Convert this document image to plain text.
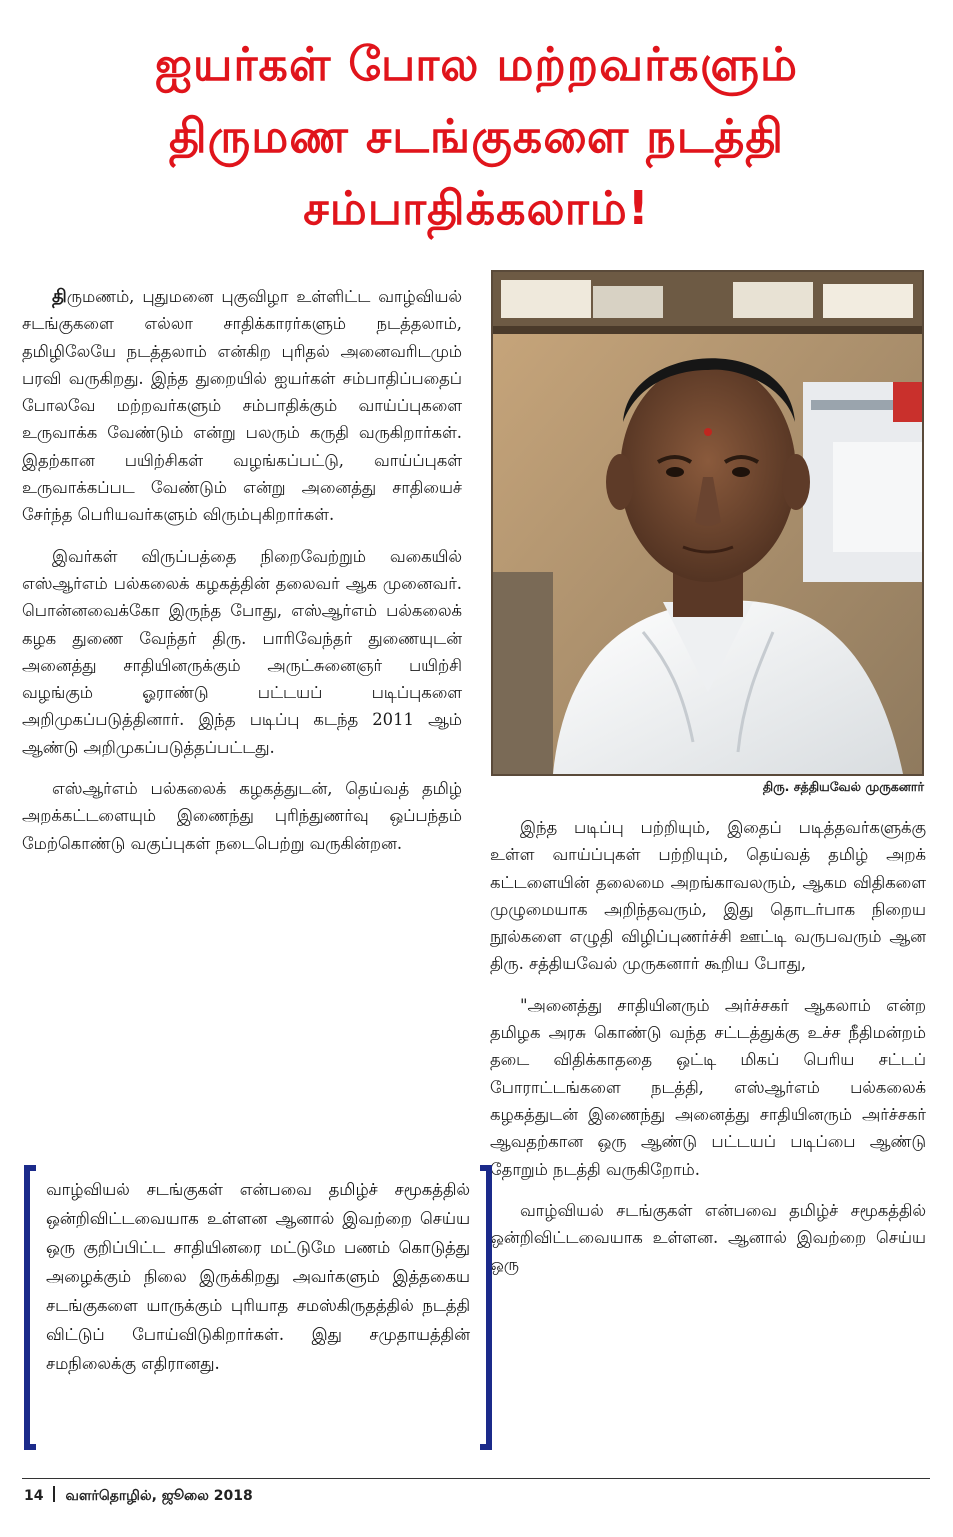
ஐயர்கள் போல மற்றவர்களும்
திருமண சடங்குகளை நடத்தி
சம்பாதிக்கலாம்!

திருமணம், புதுமனை புகுவிழா உள்ளிட்ட வாழ்வியல் சடங்குகளை எல்லா சாதிக்காரர்களும் நடத்தலாம், தமிழிலேயே நடத்தலாம் என்கிற புரிதல் அனைவரிடமும் பரவி வருகிறது. இந்த துறையில் ஐயர்கள் சம்பாதிப்பதைப் போலவே மற்றவர்களும் சம்பாதிக்கும் வாய்ப்புகளை உருவாக்க வேண்டும் என்று பலரும் கருதி வருகிறார்கள். இதற்கான பயிற்சிகள் வழங்கப்பட்டு, வாய்ப்புகள் உருவாக்கப்பட வேண்டும் என்று அனைத்து சாதியைச் சேர்ந்த பெரியவர்களும் விரும்புகிறார்கள்.

இவர்கள் விருப்பத்தை நிறைவேற்றும் வகையில் எஸ்ஆர்எம் பல்கலைக் கழகத்தின் தலைவர் ஆக முனைவர். பொன்னவைக்கோ இருந்த போது, எஸ்ஆர்எம் பல்கலைக் கழக துணை வேந்தர் திரு. பாரிவேந்தர் துணையுடன் அனைத்து சாதியினருக்கும் அருட்சுனைஞர் பயிற்சி வழங்கும் ஓராண்டு பட்டயப் படிப்புகளை அறிமுகப்படுத்தினார். இந்த படிப்பு கடந்த 2011 ஆம் ஆண்டு அறிமுகப்படுத்தப்பட்டது.

எஸ்ஆர்எம் பல்கலைக் கழகத்துடன், தெய்வத் தமிழ் அறக்கட்டளையும் இணைந்து புரிந்துணர்வு ஒப்பந்தம் மேற்கொண்டு வகுப்புகள் நடைபெற்று வருகின்றன.

திரு. சத்தியவேல் முருகனார்

இந்த படிப்பு பற்றியும், இதைப் படித்தவர்களுக்கு உள்ள வாய்ப்புகள் பற்றியும், தெய்வத் தமிழ் அறக் கட்டளையின் தலைமை அறங்காவலரும், ஆகம விதிகளை முழுமையாக அறிந்தவரும், இது தொடர்பாக நிறைய நூல்களை எழுதி விழிப்புணர்ச்சி ஊட்டி வருபவரும் ஆன திரு. சத்தியவேல் முருகனார் கூறிய போது,

"அனைத்து சாதியினரும் அர்ச்சகர் ஆகலாம் என்ற தமிழக அரசு கொண்டு வந்த சட்டத்துக்கு உச்ச நீதிமன்றம் தடை விதிக்காததை ஒட்டி மிகப் பெரிய சட்டப் போராட்டங்களை நடத்தி, எஸ்ஆர்எம் பல்கலைக் கழகத்துடன் இணைந்து அனைத்து சாதியினரும் அர்ச்சகர் ஆவதற்கான ஒரு ஆண்டு பட்டயப் படிப்பை ஆண்டு தோறும் நடத்தி வருகிறோம்.

வாழ்வியல் சடங்குகள் என்பவை தமிழ்ச் சமூகத்தில் ஒன்றிவிட்டவையாக உள்ளன. ஆனால் இவற்றை செய்ய ஒரு

வாழ்வியல் சடங்குகள் என்பவை தமிழ்ச் சமூகத்தில் ஒன்றிவிட்டவையாக உள்ளன ஆனால் இவற்றை செய்ய ஒரு குறிப்பிட்ட சாதியினரை மட்டுமே பணம் கொடுத்து அழைக்கும் நிலை இருக்கிறது அவர்களும் இத்தகைய சடங்குகளை யாருக்கும் புரியாத சமஸ்கிருதத்தில் நடத்தி விட்டுப் போய்விடுகிறார்கள். இது சமுதாயத்தின் சமநிலைக்கு எதிரானது.
14 வளர்தொழில், ஜூலை 2018
